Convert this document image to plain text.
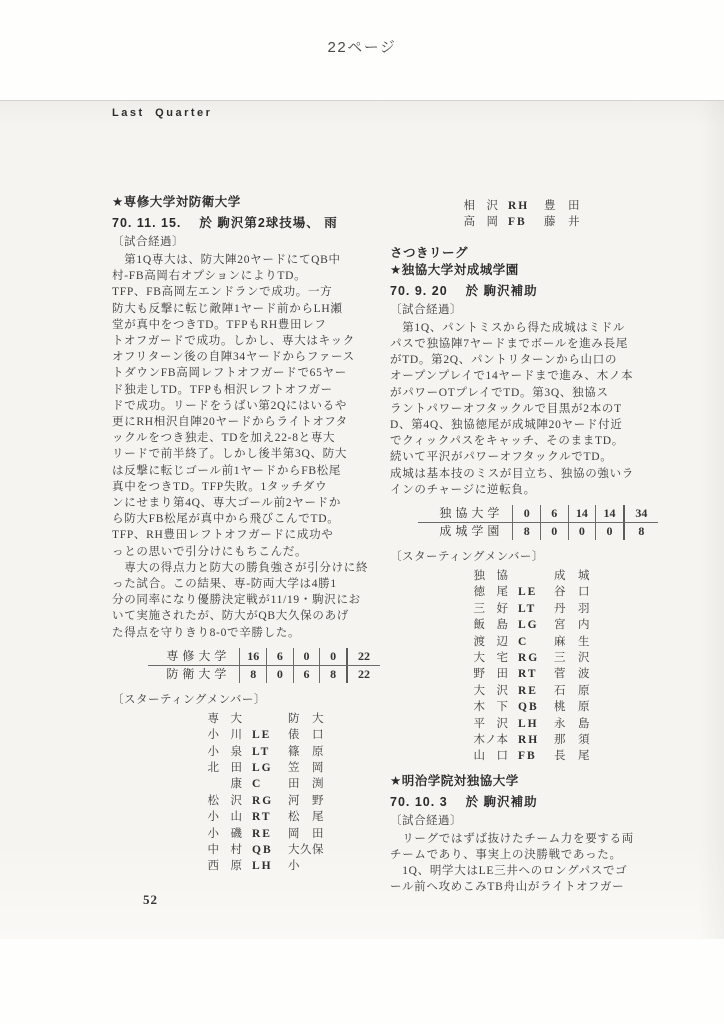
22ページ
Last Quarter
★専修大学対防衛大学
70. 11. 15.　 於 駒沢第2球技場、 雨
〔試合経過〕
　第1Q専大は、防大陣20ヤードにてQB中
村-FB高岡右オプションによりTD。
TFP、FB高岡左エンドランで成功。一方
防大も反撃に転じ敵陣1ヤード前からLH瀬
堂が真中をつきTD。TFPもRH豊田レフ
トオフガードで成功。しかし、専大はキック
オフリターン後の自陣34ヤードからファース
トダウンFB高岡レフトオフガードで65ヤー
ド独走しTD。TFPも相沢レフトオフガー
ドで成功。リードをうばい第2Qにはいるや
更にRH相沢自陣20ヤードからライトオフタ
ックルをつき独走、TDを加え22-8と専大
リードで前半終了。しかし後半第3Q、防大
は反撃に転じゴール前1ヤードからFB松尾
真中をつきTD。TFP失敗。1タッチダウ
ンにせまり第4Q、専大ゴール前2ヤードか
ら防大FB松尾が真中から飛びこんでTD。
TFP、RH豊田レフトオフガードに成功や
っとの思いで引分けにもちこんだ。
　専大の得点力と防大の勝負強さが引分けに終
った試合。この結果、専-防両大学は4勝1
分の同率になり優勝決定戦が11/19・駒沢にお
いて実施されたが、防大がQB大久保のあげ
た得点を守りきり8-0で辛勝した。
専修大学	16	6	0	0	22
防衛大学	8	0	6	8	22
〔スターティングメンバー〕
専　大	防　大
小　川 LE	俵　口
小　泉 LT	篠　原
北　田 LG	笠　岡
康 C	田　渕
松　沢 RG	河　野
小　山 RT	松　尾
小　磯 RE	岡　田
中　村 QB	大久保
西　原 LH	小
相　沢 RH	豊　田
高　岡 FB	藤　井
さつきリーグ
★独協大学対成城学園
70. 9. 20　 於 駒沢補助
〔試合経過〕
　第1Q、パントミスから得た成城はミドル
パスで独協陣7ヤードまでボールを進み長尾
がTD。第2Q、パントリターンから山口の
オープンプレイで14ヤードまで進み、木ノ本
がパワーOTプレイでTD。第3Q、独協ス
ラントパワーオフタックルで目黒が2本のT
D、第4Q、独協徳尾が成城陣20ヤード付近
でクィックパスをキャッチ、そのままTD。
続いて平沢がパワーオフタックルでTD。
成城は基本技のミスが目立ち、独協の強いラ
インのチャージに逆転負。
独協大学	0	6	14	14	34
成城学園	8	0	0	0	8
〔スターティングメンバー〕
独　協	成　城
徳　尾 LE	谷　口
三　好 LT	丹　羽
飯　島 LG	宮　内
渡　辺 C	麻　生
大　宅 RG	三　沢
野　田 RT	菅　波
大　沢 RE	石　原
木　下 QB	桃　原
平　沢 LH	永　島
木ノ本 RH	那　須
山　口 FB	長　尾
★明治学院対独協大学
70. 10. 3　 於 駒沢補助
〔試合経過〕
　リーグではずば抜けたチーム力を要する両
チームであり、事実上の決勝戦であった。
　1Q、明学大はLE三井へのロングパスでゴ
ール前へ攻めこみTB舟山がライトオフガー
52
